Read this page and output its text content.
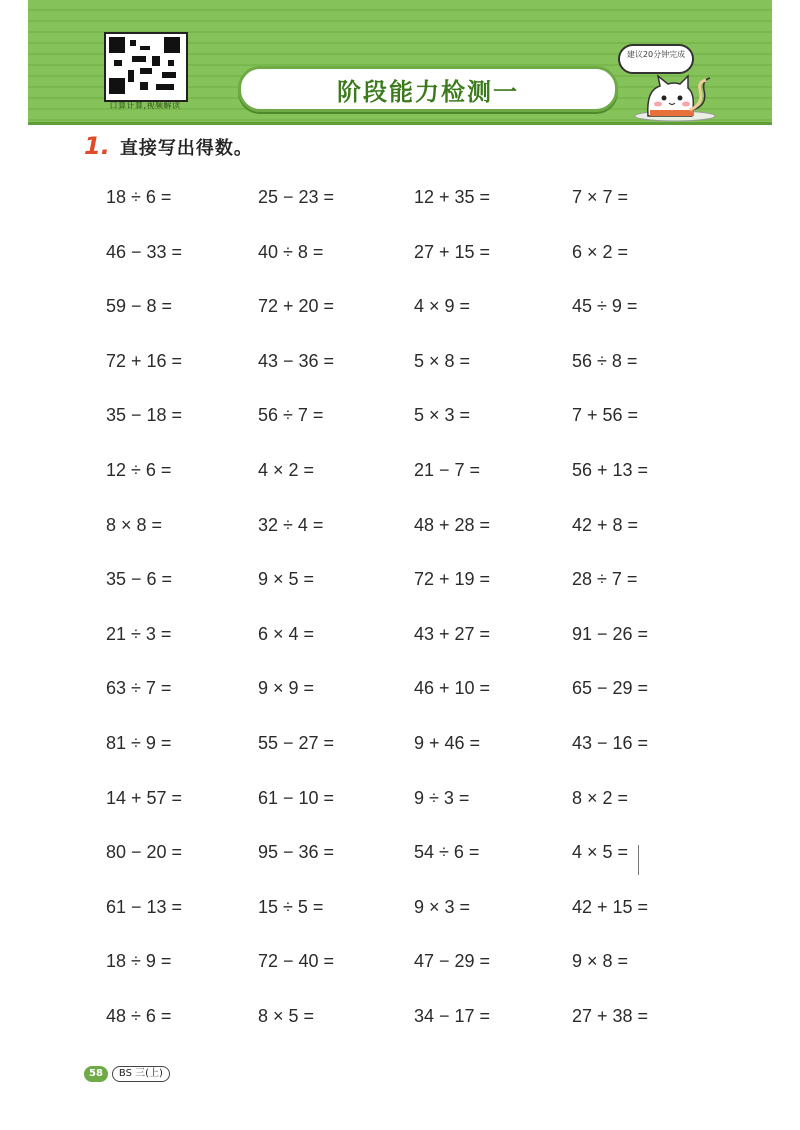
口算计算,视频解读	阶段能力检测一
建议20分钟完成
1. 直接写出得数。
18 ÷ 6 =
46 − 33 =
59 − 8 =
72 + 16 =
35 − 18 =
12 ÷ 6 =
8 × 8 =
35 − 6 =
21 ÷ 3 =
63 ÷ 7 =
81 ÷ 9 =
14 + 57 =
80 − 20 =
61 − 13 =
18 ÷ 9 =
48 ÷ 6 =
25 − 23 =
40 ÷ 8 =
72 + 20 =
43 − 36 =
56 ÷ 7 =
4 × 2 =
32 ÷ 4 =
9 × 5 =
6 × 4 =
9 × 9 =
55 − 27 =
61 − 10 =
95 − 36 =
15 ÷ 5 =
72 − 40 =
8 × 5 =
12 + 35 =
27 + 15 =
4 × 9 =
5 × 8 =
5 × 3 =
21 − 7 =
48 + 28 =
72 + 19 =
43 + 27 =
46 + 10 =
9 + 46 =
9 ÷ 3 =
54 ÷ 6 =
9 × 3 =
47 − 29 =
34 − 17 =
7 × 7 =
6 × 2 =
45 ÷ 9 =
56 ÷ 8 =
7 + 56 =
56 + 13 =
42 + 8 =
28 ÷ 7 =
91 − 26 =
65 − 29 =
43 − 16 =
8 × 2 =
4 × 5 =
42 + 15 =
9 × 8 =
27 + 38 =
58	BS 三(上)
